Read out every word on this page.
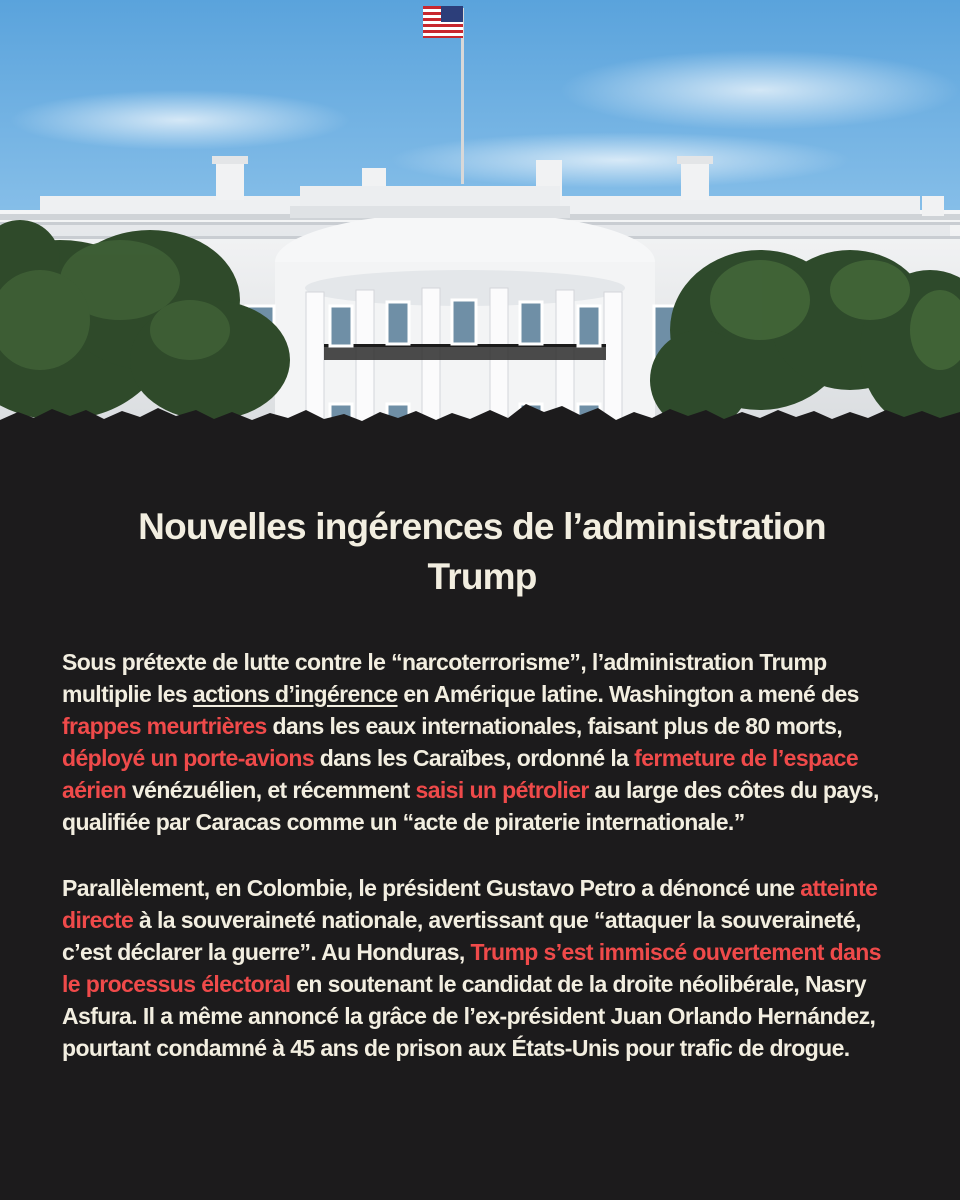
Nouvelles ingérences de l’administration
Trump

Sous prétexte de lutte contre le “narcoterrorisme”, l’administration Trump multiplie les actions d’ingérence en Amérique latine. Washington a mené des frappes meurtrières dans les eaux internationales, faisant plus de 80 morts, déployé un porte-avions dans les Caraïbes, ordonné la fermeture de l’espace aérien vénézuélien, et récemment saisi un pétrolier au large des côtes du pays, qualifiée par Caracas comme un “acte de piraterie internationale.”

Parallèlement, en Colombie, le président Gustavo Petro a dénoncé une atteinte directe à la souveraineté nationale, avertissant que “attaquer la souveraineté, c’est déclarer la guerre”. Au Honduras, Trump s’est immiscé ouvertement dans le processus électoral en soutenant le candidat de la droite néolibérale, Nasry Asfura. Il a même annoncé la grâce de l’ex-président Juan Orlando Hernández, pourtant condamné à 45 ans de prison aux États-Unis pour trafic de drogue.
